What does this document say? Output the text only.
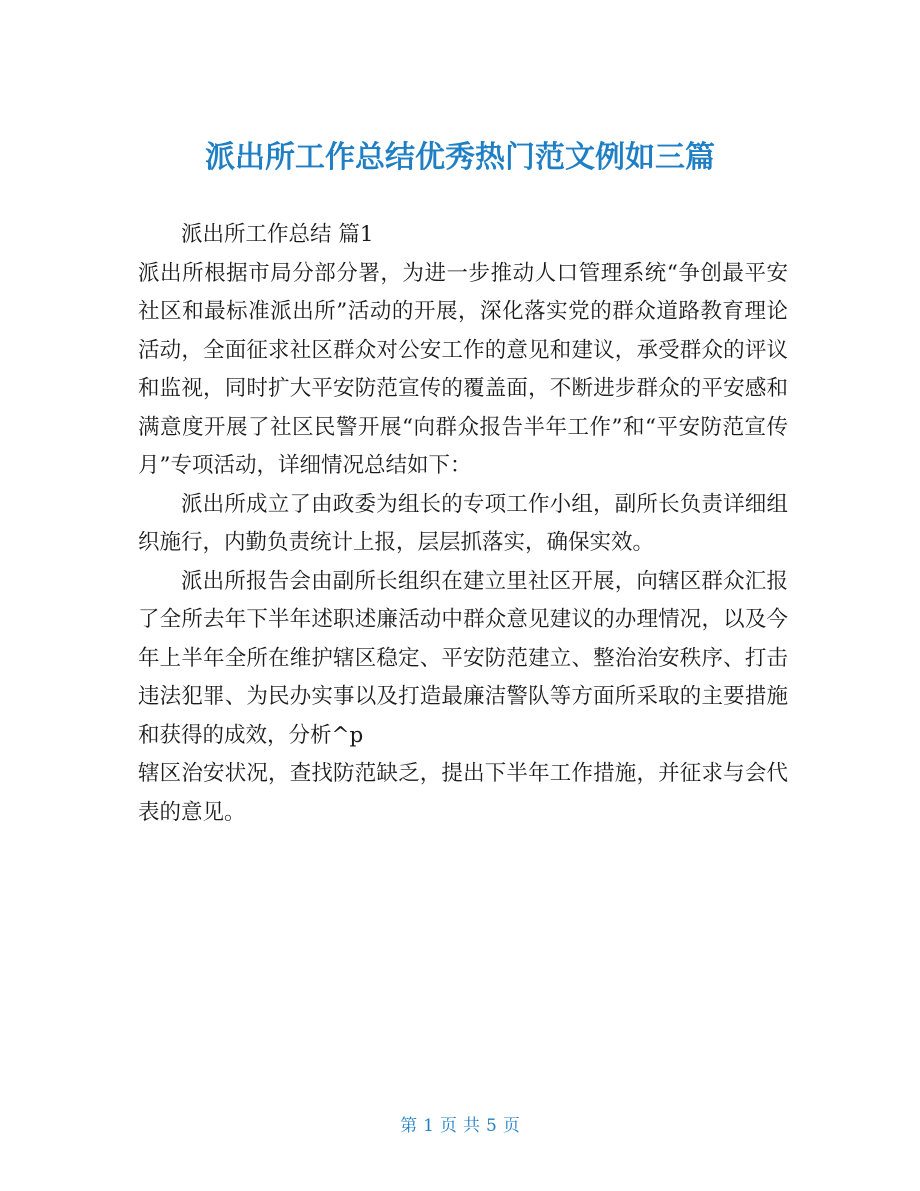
派出所工作总结优秀热门范文例如三篇

派出所工作总结 篇1

派出所根据市局分部分署，为进一步推动人口管理系统“争创最平安社区和最标准派出所”活动的开展，深化落实党的群众道路教育理论活动，全面征求社区群众对公安工作的意见和建议，承受群众的评议和监视，同时扩大平安防范宣传的覆盖面，不断进步群众的平安感和满意度开展了社区民警开展“向群众报告半年工作”和“平安防范宣传月”专项活动，详细情况总结如下：

派出所成立了由政委为组长的专项工作小组，副所长负责详细组织施行，内勤负责统计上报，层层抓落实，确保实效。

派出所报告会由副所长组织在建立里社区开展，向辖区群众汇报了全所去年下半年述职述廉活动中群众意见建议的办理情况，以及今年上半年全所在维护辖区稳定、平安防范建立、整治治安秩序、打击违法犯罪、为民办实事以及打造最廉洁警队等方面所采取的主要措施和获得的成效，分析^p

辖区治安状况，查找防范缺乏，提出下半年工作措施，并征求与会代表的意见。

第 1 页 共 5 页
